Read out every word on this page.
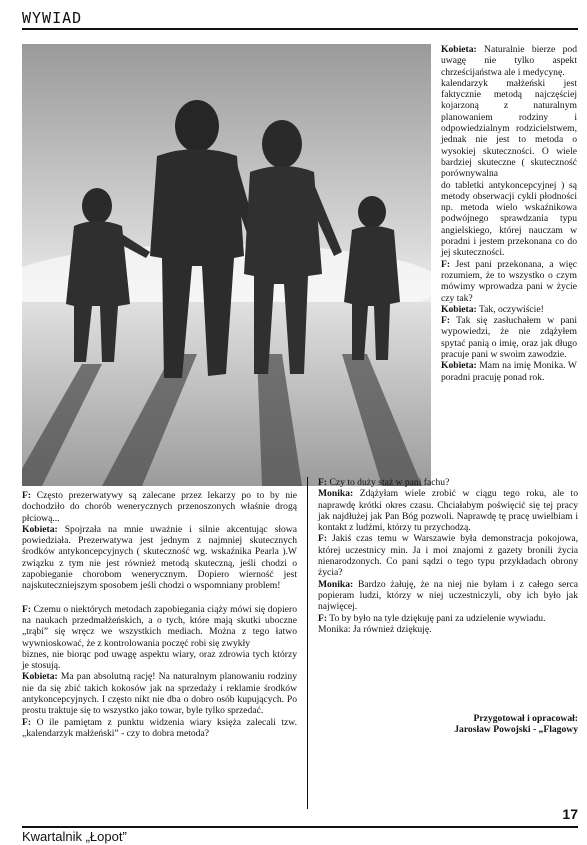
WYWIAD

Kobieta: Naturalnie bierze pod uwagę nie tylko aspekt chrześcijaństwa ale i medycynę.

kalendarzyk małżeński jest faktycznie metodą najczęściej kojarzoną z naturalnym planowaniem rodziny i odpowiedzialnym rodzicielstwem, jednak nie jest to metoda o wysokiej skuteczności. O wiele bardziej skuteczne ( skuteczność porównywalna

do tabletki antykoncepcyjnej ) są metody obserwacji cykli płodności np. metoda wielo wskaźnikowa podwójnego sprawdzania typu angielskiego, której nauczam w poradni i jestem przekonana co do jej skuteczności.

F: Jest pani przekonana, a więc rozumiem, że to wszystko o czym mówimy wprowadza pani w życie czy tak?

Kobieta: Tak, oczywiście!

F: Tak się zasłuchałem w pani wypowiedzi, że nie zdążyłem spytać panią o imię, oraz jak długo pracuje pani w swoim zawodzie.

Kobieta: Mam na imię Monika. W poradni pracuję ponad rok.

F: Często prezerwatywy są zalecane przez lekarzy po to by nie dochodziło do chorób wenerycznych przenoszonych właśnie drogą płciową...

Kobieta: Spojrzała na mnie uważnie i silnie akcentując słowa powiedziała. Prezerwatywa jest jednym z najmniej skutecznych środków antykoncepcyjnych ( skuteczność wg. wskaźnika Pearla ).W związku z tym nie jest również metodą skuteczną, jeśli chodzi o zapobieganie chorobom wenerycznym. Dopiero wierność jest najskuteczniejszym sposobem jeśli chodzi o wspomniany problem!

F: Czemu o niektórych metodach zapobiegania ciąży mówi się dopiero na naukach przedmałżeńskich, a o tych, które mają skutki uboczne „trąbi” się wręcz we wszystkich mediach. Można z tego łatwo wywnioskować, że z kontrolowania poczęć robi się zwykły

biznes, nie biorąc pod uwagę aspektu wiary, oraz zdrowia tych którzy je stosują.

Kobieta: Ma pan absolutną rację! Na naturalnym planowaniu rodziny nie da się zbić takich kokosów jak na sprzedaży i reklamie środków antykoncepcyjnych. I często nikt nie dba o dobro osób kupujących. Po prostu traktuje się to wszystko jako towar, byle tylko sprzedać.

F: O ile pamiętam z punktu widzenia wiary księża zalecali tzw. „kalendarzyk małżeński” - czy to dobra metoda?

F: Czy to duży staż w pani fachu?

Monika: Zdążyłam wiele zrobić w ciągu tego roku, ale to naprawdę krótki okres czasu. Chciałabym poświęcić się tej pracy jak najdłużej jak Pan Bóg pozwoli. Naprawdę tę pracę uwielbiam i kontakt z ludźmi, którzy tu przychodzą.

F: Jakiś czas temu w Warszawie była demonstracja pokojowa, której uczestnicy min. Ja i moi znajomi z gazety bronili życia nienarodzonych. Co pani sądzi o tego typu przykładach obrony życia?

Monika: Bardzo żałuję, że na niej nie byłam i z całego serca popieram ludzi, którzy w niej uczestniczyli, oby ich było jak najwięcej.

F: To by było na tyle dziękuję pani za udzielenie wywiadu.

Monika: Ja również dziękuję.

Przygotował i opracował:
Jarosław Powojski - „Flagowy
17
Kwartalnik „Łopot”
